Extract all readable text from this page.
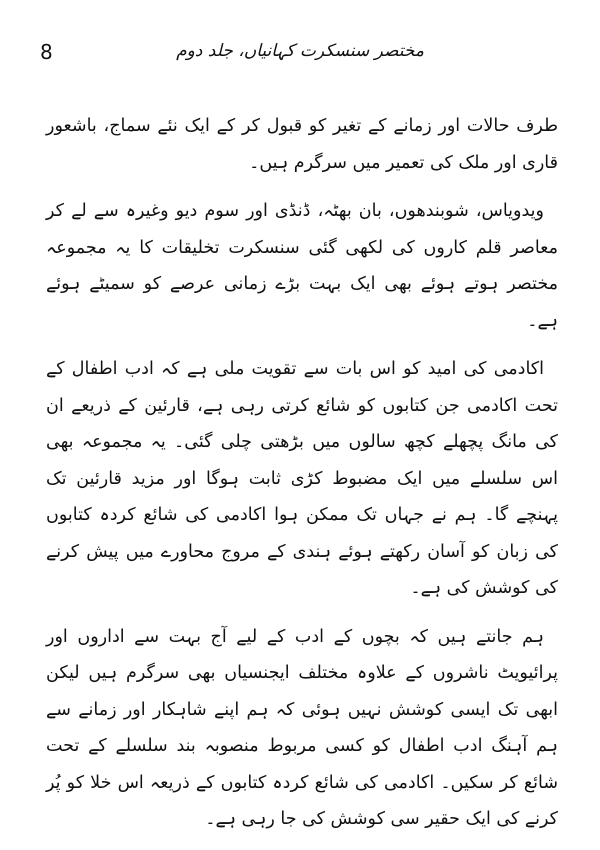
8	مختصر سنسکرت کہانیاں، جلد دوم

طرف حالات اور زمانے کے تغیر کو قبول کر کے ایک نئے سماج، باشعور قاری اور ملک کی تعمیر میں سرگرم ہیں۔

ویدویاس، شوبندھوں، بان بھٹہ، ڈنڈی اور سوم دیو وغیرہ سے لے کر معاصر قلم کاروں کی لکھی گئی سنسکرت تخلیقات کا یہ مجموعہ مختصر ہوتے ہوئے بھی ایک بہت بڑے زمانی عرصے کو سمیٹے ہوئے ہے۔

اکادمی کی امید کو اس بات سے تقویت ملی ہے کہ ادب اطفال کے تحت اکادمی جن کتابوں کو شائع کرتی رہی ہے، قارئین کے ذریعے ان کی مانگ پچھلے کچھ سالوں میں بڑھتی چلی گئی۔ یہ مجموعہ بھی اس سلسلے میں ایک مضبوط کڑی ثابت ہوگا اور مزید قارئین تک پہنچے گا۔ ہم نے جہاں تک ممکن ہوا اکادمی کی شائع کردہ کتابوں کی زبان کو آسان رکھتے ہوئے ہندی کے مروج محاورے میں پیش کرنے کی کوشش کی ہے۔

ہم جانتے ہیں کہ بچوں کے ادب کے لیے آج بہت سے اداروں اور پرائیویٹ ناشروں کے علاوہ مختلف ایجنسیاں بھی سرگرم ہیں لیکن ابھی تک ایسی کوشش نہیں ہوئی کہ ہم اپنے شاہکار اور زمانے سے ہم آہنگ ادب اطفال کو کسی مربوط منصوبہ بند سلسلے کے تحت شائع کر سکیں۔ اکادمی کی شائع کردہ کتابوں کے ذریعہ اس خلا کو پُر کرنے کی ایک حقیر سی کوشش کی جا رہی ہے۔
